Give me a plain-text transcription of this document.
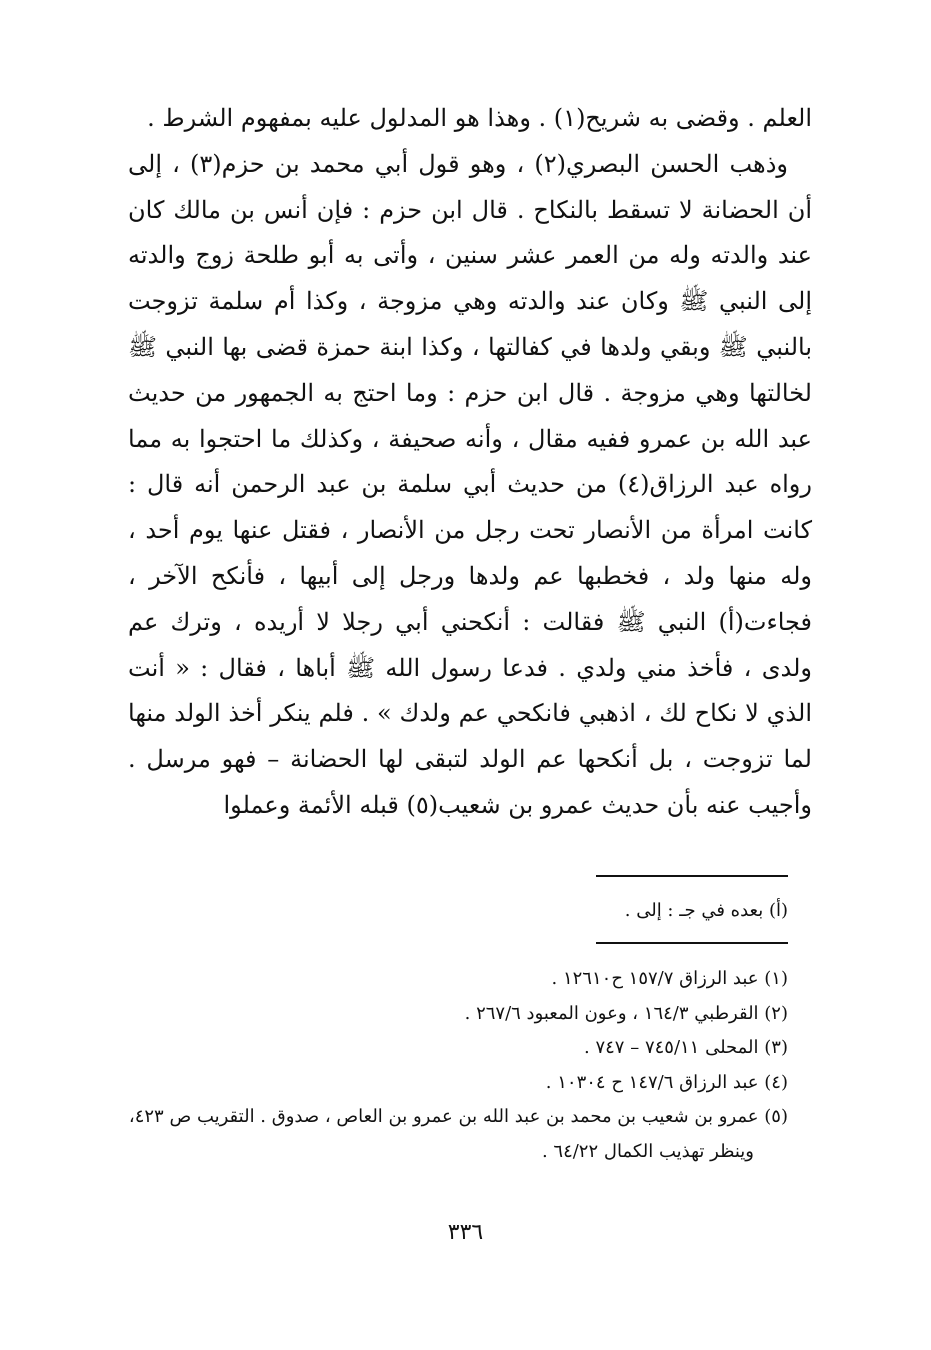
العلم . وقضى به شريح(١) . وهذا هو المدلول عليه بمفهوم الشرط .

وذهب الحسن البصري(٢) ، وهو قول أبي محمد بن حزم(٣) ، إلى أن الحضانة لا تسقط بالنكاح . قال ابن حزم : فإن أنس بن مالك كان عند والدته وله من العمر عشر سنين ، وأتى به أبو طلحة زوج والدته إلى النبي ﷺ وكان عند والدته وهي مزوجة ، وكذا أم سلمة تزوجت بالنبي ﷺ وبقي ولدها في كفالتها ، وكذا ابنة حمزة قضى بها النبي ﷺ لخالتها وهي مزوجة . قال ابن حزم : وما احتج به الجمهور من حديث عبد الله بن عمرو ففيه مقال ، وأنه صحيفة ، وكذلك ما احتجوا به مما رواه عبد الرزاق(٤) من حديث أبي سلمة بن عبد الرحمن أنه قال : كانت امرأة من الأنصار تحت رجل من الأنصار ، فقتل عنها يوم أحد ، وله منها ولد ، فخطبها عم ولدها ورجل إلى أبيها ، فأنكح الآخر ، فجاءت(أ) النبي ﷺ فقالت : أنكحني أبي رجلا لا أريده ، وترك عم ولدى ، فأخذ مني ولدي . فدعا رسول الله ﷺ أباها ، فقال : « أنت الذي لا نكاح لك ، اذهبي فانكحي عم ولدك » . فلم ينكر أخذ الولد منها لما تزوجت ، بل أنكحها عم الولد لتبقى لها الحضانة – فهو مرسل . وأجيب عنه بأن حديث عمرو بن شعيب(٥) قبله الأئمة وعملوا

(أ) بعده في جـ : إلى .

(١) عبد الرزاق ١٥٧/٧ ح١٢٦١٠ .

(٢) القرطبي ١٦٤/٣ ، وعون المعبود ٢٦٧/٦ .

(٣) المحلى ٧٤٥/١١ – ٧٤٧ .

(٤) عبد الرزاق ١٤٧/٦ ح ١٠٣٠٤ .

(٥) عمرو بن شعيب بن محمد بن عبد الله بن عمرو بن العاص ، صدوق . التقريب ص ٤٢٣،

وينظر تهذيب الكمال ٦٤/٢٢ .

٣٣٦
